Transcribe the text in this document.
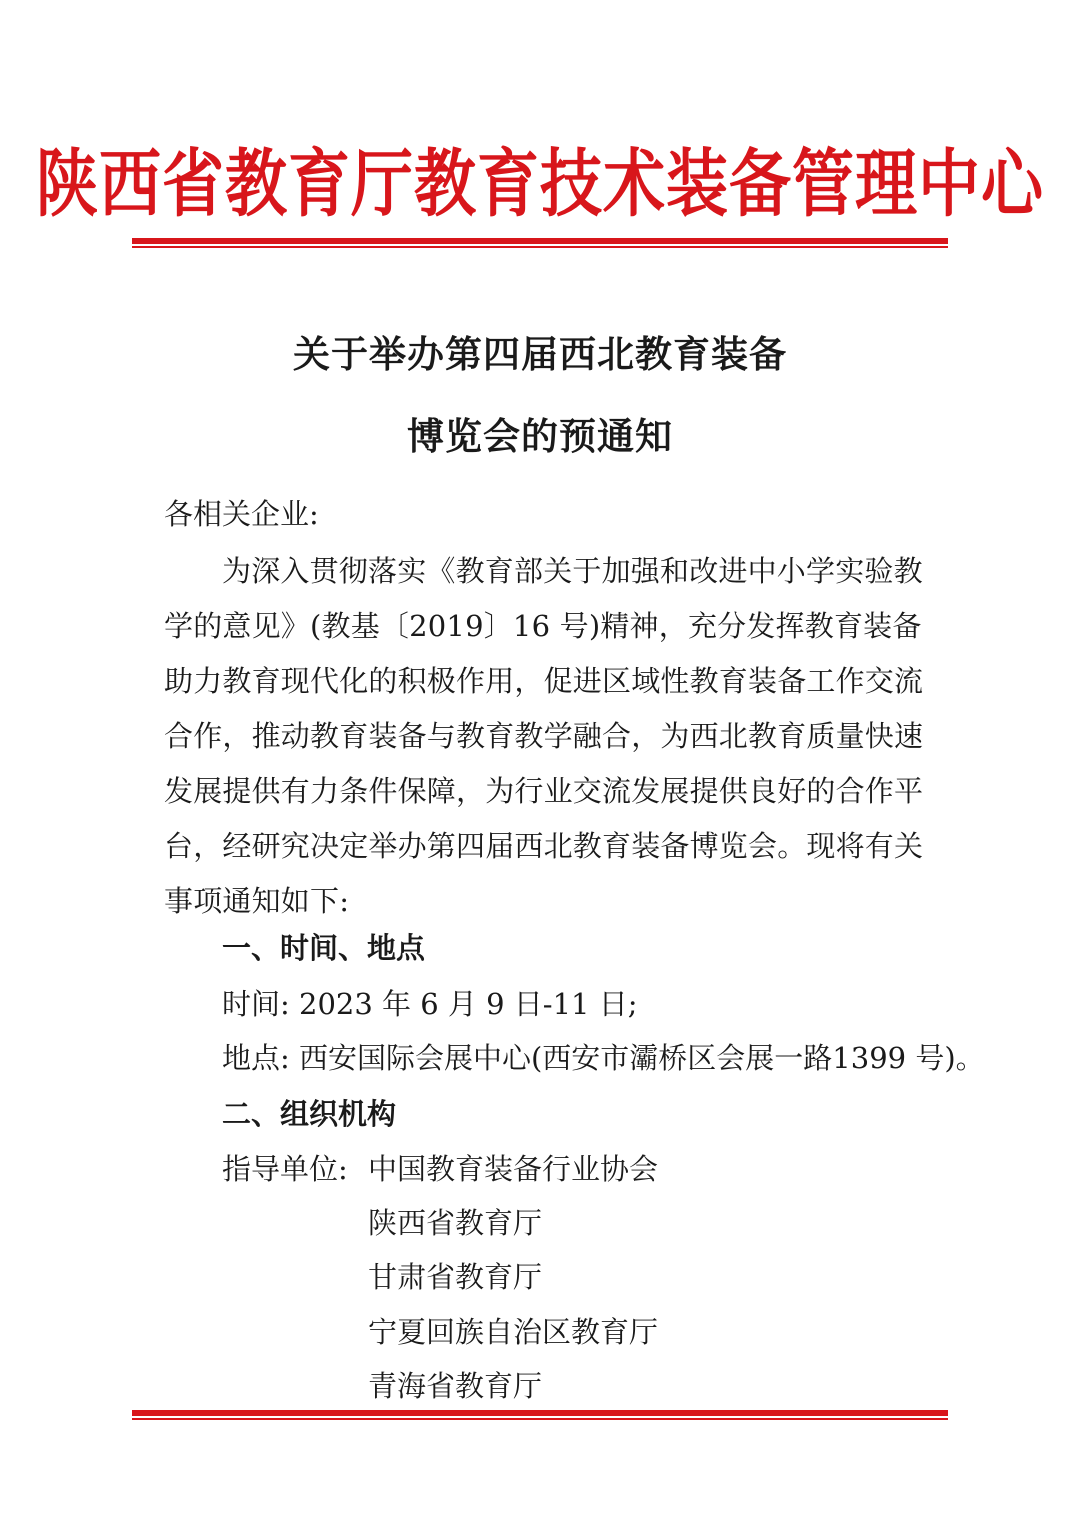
陕西省教育厅教育技术装备管理中心
关于举办第四届西北教育装备
博览会的预通知
各相关企业:
为深入贯彻落实《教育部关于加强和改进中小学实验教
学的意见》(教基〔2019〕16 号)精神，充分发挥教育装备
助力教育现代化的积极作用，促进区域性教育装备工作交流
合作，推动教育装备与教育教学融合，为西北教育质量快速
发展提供有力条件保障，为行业交流发展提供良好的合作平
台，经研究决定举办第四届西北教育装备博览会。现将有关
事项通知如下:
一、时间、地点
时间: 2023 年 6 月 9 日-11 日;
地点: 西安国际会展中心(西安市灞桥区会展一路1399 号)。
二、组织机构
指导单位: 中国教育装备行业协会
陕西省教育厅
甘肃省教育厅
宁夏回族自治区教育厅
青海省教育厅
